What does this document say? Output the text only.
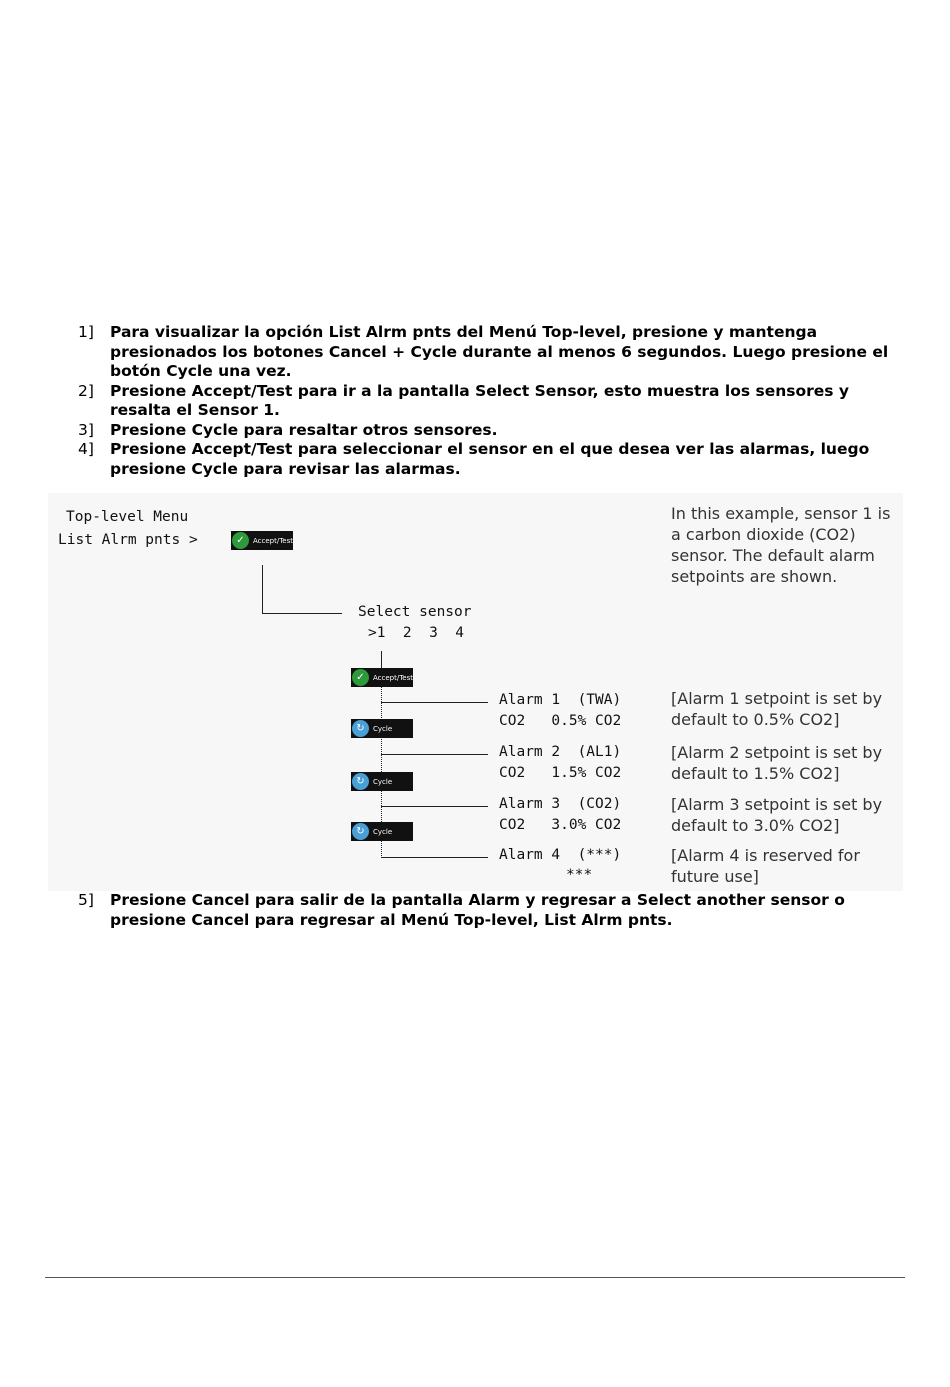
1]	Para visualizar la opción List Alrm pnts del Menú Top-level, presione y mantenga presionados los botones Cancel + Cycle durante al menos 6 segundos. Luego presione el botón Cycle una vez.
2]	Presione Accept/Test para ir a la pantalla Select Sensor, esto muestra los sensores y resalta el Sensor 1.
3]	Presione Cycle para resaltar otros sensores.
4]	Presione Accept/Test para seleccionar el sensor en el que desea ver las alarmas, luego presione Cycle para revisar las alarmas.
Top-level Menu
List Alrm pnts >	✓	Accept/Test
Select sensor
>1  2  3  4
✓	Accept/Test
↻	Cycle
↻	Cycle
↻	Cycle
Alarm 1  (TWA)
CO2   0.5% CO2
Alarm 2  (AL1)
CO2   1.5% CO2
Alarm 3  (CO2)
CO2   3.0% CO2
Alarm 4  (***)
***
In this example, sensor 1 is a carbon dioxide (CO2) sensor. The default alarm setpoints are shown.
[Alarm 1 setpoint is set by default to 0.5% CO2]
[Alarm 2 setpoint is set by default to 1.5% CO2]
[Alarm 3 setpoint is set by default to 3.0% CO2]
[Alarm 4 is reserved for future use]
5]	Presione Cancel para salir de la pantalla Alarm y regresar a Select another sensor o presione Cancel para regresar al Menú Top-level, List Alrm pnts.
